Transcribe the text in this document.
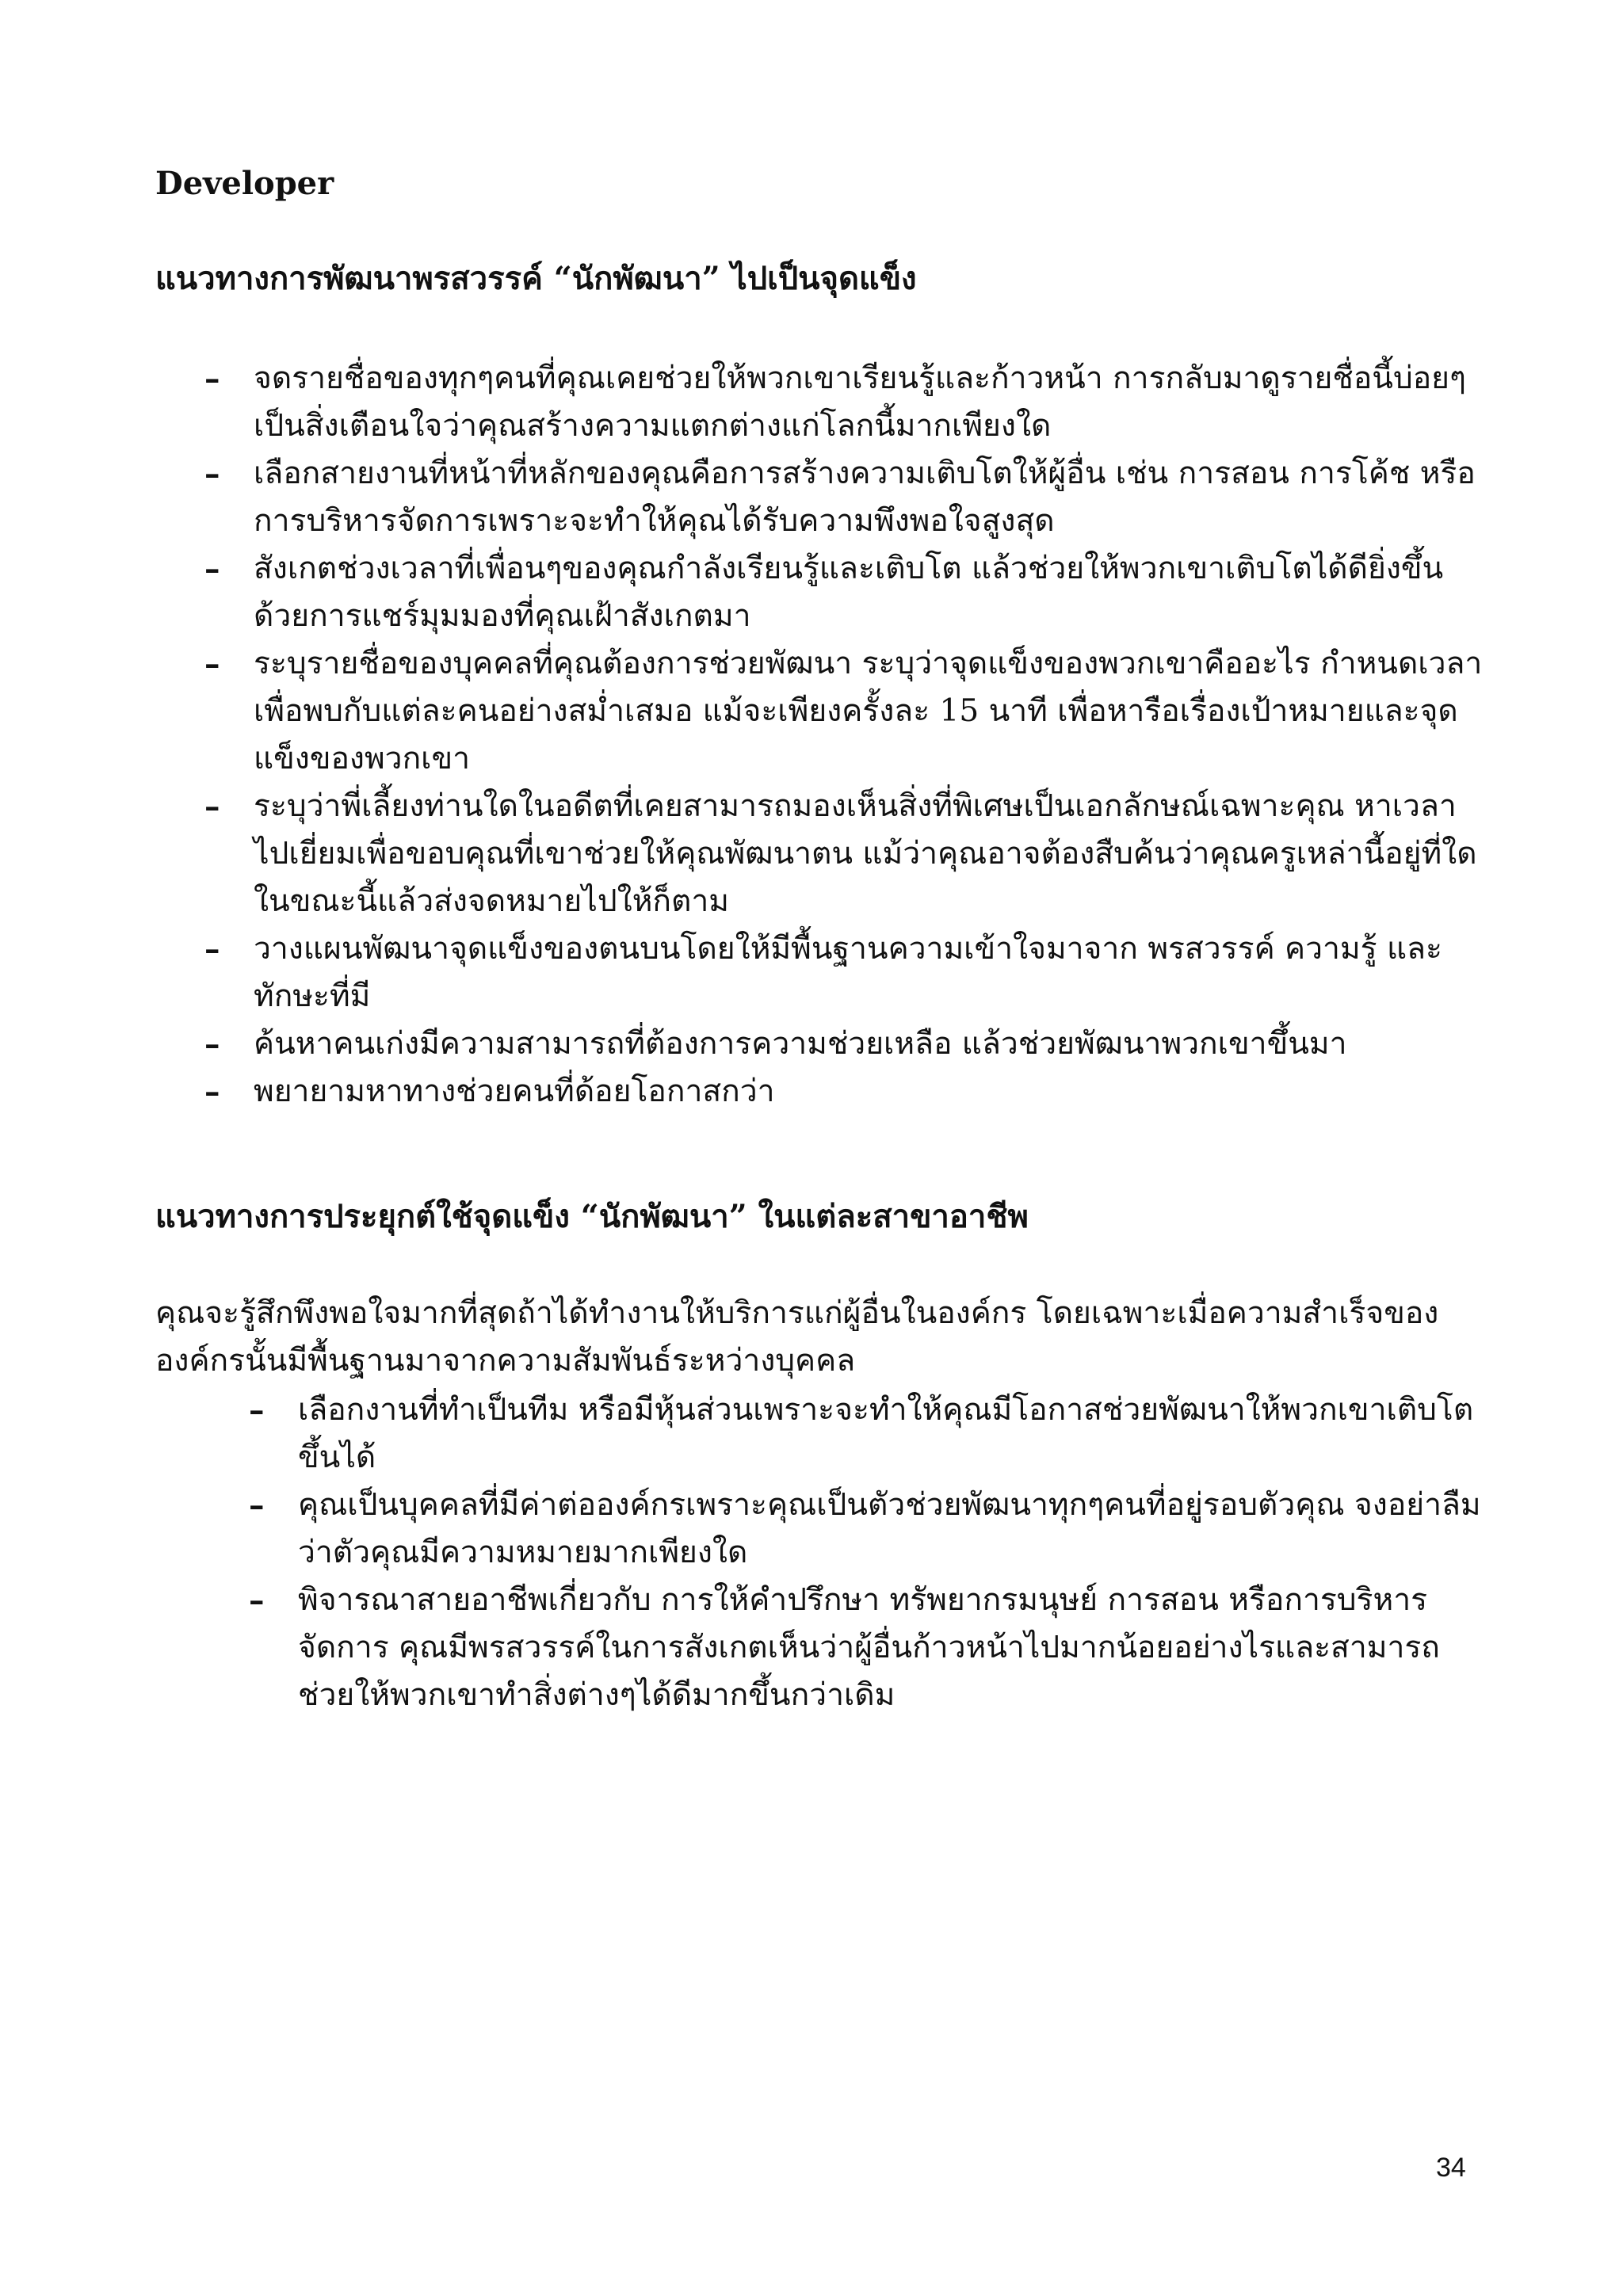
Developer
แนวทางการพัฒนาพรสวรรค์ “นักพัฒนา” ไปเป็นจุดแข็ง
– จดรายชื่อของทุกๆคนที่คุณเคยช่วยให้พวกเขาเรียนรู้และก้าวหน้า การกลับมาดูรายชื่อนี้บ่อยๆ เป็นสิ่งเตือนใจว่าคุณสร้างความแตกต่างแก่โลกนี้มากเพียงใด
– เลือกสายงานที่หน้าที่หลักของคุณคือการสร้างความเติบโตให้ผู้อื่น เช่น การสอน การโค้ช หรือการบริหารจัดการเพราะจะทำให้คุณได้รับความพึงพอใจสูงสุด
– สังเกตช่วงเวลาที่เพื่อนๆของคุณกำลังเรียนรู้และเติบโต แล้วช่วยให้พวกเขาเติบโตได้ดียิ่งขึ้น ด้วยการแชร์มุมมองที่คุณเฝ้าสังเกตมา
– ระบุรายชื่อของบุคคลที่คุณต้องการช่วยพัฒนา ระบุว่าจุดแข็งของพวกเขาคืออะไร กำหนดเวลาเพื่อพบกับแต่ละคนอย่างสม่ำเสมอ แม้จะเพียงครั้งละ 15 นาที เพื่อหารือเรื่องเป้าหมายและจุดแข็งของพวกเขา
– ระบุว่าพี่เลี้ยงท่านใดในอดีตที่เคยสามารถมองเห็นสิ่งที่พิเศษเป็นเอกลักษณ์เฉพาะคุณ หาเวลาไปเยี่ยมเพื่อขอบคุณที่เขาช่วยให้คุณพัฒนาตน แม้ว่าคุณอาจต้องสืบค้นว่าคุณครูเหล่านี้อยู่ที่ใดในขณะนี้แล้วส่งจดหมายไปให้ก็ตาม
– วางแผนพัฒนาจุดแข็งของตนบนโดยให้มีพื้นฐานความเข้าใจมาจาก พรสวรรค์ ความรู้ และทักษะที่มี
– ค้นหาคนเก่งมีความสามารถที่ต้องการความช่วยเหลือ แล้วช่วยพัฒนาพวกเขาขึ้นมา
– พยายามหาทางช่วยคนที่ด้อยโอกาสกว่า
แนวทางการประยุกต์ใช้จุดแข็ง “นักพัฒนา” ในแต่ละสาขาอาชีพ

คุณจะรู้สึกพึงพอใจมากที่สุดถ้าได้ทำงานให้บริการแก่ผู้อื่นในองค์กร โดยเฉพาะเมื่อความสำเร็จขององค์กรนั้นมีพื้นฐานมาจากความสัมพันธ์ระหว่างบุคคล

– เลือกงานที่ทำเป็นทีม หรือมีหุ้นส่วนเพราะจะทำให้คุณมีโอกาสช่วยพัฒนาให้พวกเขาเติบโตขึ้นได้
– คุณเป็นบุคคลที่มีค่าต่อองค์กรเพราะคุณเป็นตัวช่วยพัฒนาทุกๆคนที่อยู่รอบตัวคุณ จงอย่าลืมว่าตัวคุณมีความหมายมากเพียงใด
– พิจารณาสายอาชีพเกี่ยวกับ การให้คำปรึกษา ทรัพยากรมนุษย์ การสอน หรือการบริหารจัดการ คุณมีพรสวรรค์ในการสังเกตเห็นว่าผู้อื่นก้าวหน้าไปมากน้อยอย่างไรและสามารถช่วยให้พวกเขาทำสิ่งต่างๆได้ดีมากขึ้นกว่าเดิม
34
